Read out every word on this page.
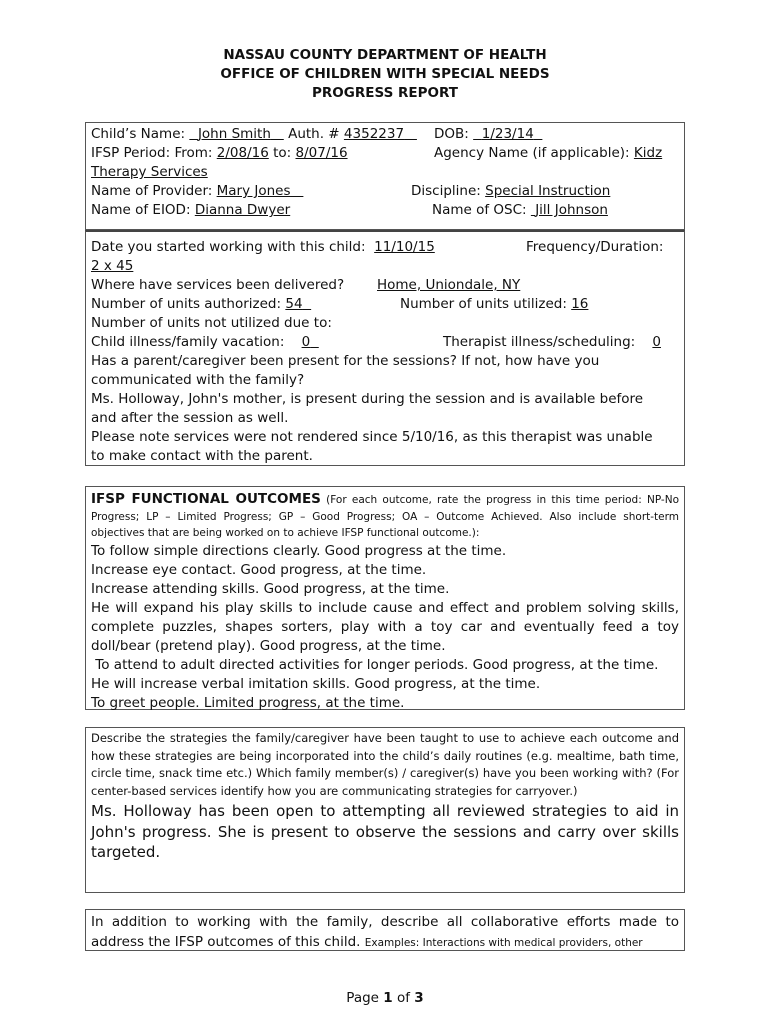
NASSAU COUNTY DEPARTMENT OF HEALTH
OFFICE OF CHILDREN WITH SPECIAL NEEDS
PROGRESS REPORT
Child’s Name: John Smith Auth. # 4352237 DOB: 1/23/14
IFSP Period: From: 2/08/16 to: 8/07/16	Agency Name (if applicable): Kidz
Therapy Services
Name of Provider: Mary Jones	Discipline: Special Instruction
Name of EIOD: Dianna Dwyer	Name of OSC: Jill Johnson
Date you started working with this child: 11/10/15	Frequency/Duration:
2 x 45
Where have services been delivered? Home, Uniondale, NY
Number of units authorized: 54	Number of units utilized: 16
Number of units not utilized due to:
Child illness/family vacation: 0	Therapist illness/scheduling: 0
Has a parent/caregiver been present for the sessions? If not, how have you
communicated with the family?
Ms. Holloway, John's mother, is present during the session and is available before
and after the session as well.
Please note services were not rendered since 5/10/16, as this therapist was unable
to make contact with the parent.
IFSP FUNCTIONAL OUTCOMES (For each outcome, rate the progress in this time period: NP-No Progress; LP – Limited Progress; GP – Good Progress; OA – Outcome Achieved. Also include short-term objectives that are being worked on to achieve IFSP functional outcome.):
To follow simple directions clearly. Good progress at the time.
Increase eye contact. Good progress, at the time.
Increase attending skills. Good progress, at the time.
He will expand his play skills to include cause and effect and problem solving skills, complete puzzles, shapes sorters, play with a toy car and eventually feed a toy doll/bear (pretend play). Good progress, at the time.
To attend to adult directed activities for longer periods. Good progress, at the time.
He will increase verbal imitation skills. Good progress, at the time.
To greet people. Limited progress, at the time.
Describe the strategies the family/caregiver have been taught to use to achieve each outcome and how these strategies are being incorporated into the child’s daily routines (e.g. mealtime, bath time, circle time, snack time etc.) Which family member(s) / caregiver(s) have you been working with? (For center-based services identify how you are communicating strategies for carryover.)
Ms. Holloway has been open to attempting all reviewed strategies to aid in John's progress. She is present to observe the sessions and carry over skills targeted.
In addition to working with the family, describe all collaborative efforts made to address the IFSP outcomes of this child. Examples: Interactions with medical providers, other
Page 1 of 3
